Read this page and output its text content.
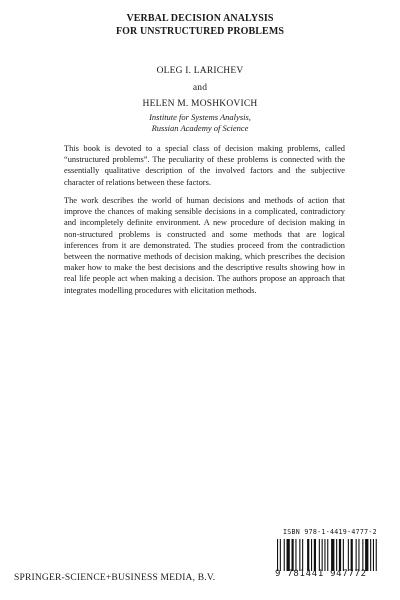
VERBAL DECISION ANALYSIS
FOR UNSTRUCTURED PROBLEMS
OLEG I. LARICHEV
and
HELEN M. MOSHKOVICH
Institute for Systems Analysis,
Russian Academy of Science

This book is devoted to a special class of decision making problems, called “unstructured problems”. The peculiarity of these problems is connected with the essentially qualitative description of the involved factors and the subjective character of relations between these factors.

The work describes the world of human decisions and methods of action that improve the chances of making sensible decisions in a complicated, contradictory and incompletely definite environment. A new procedure of decision making in non-structured problems is constructed and some methods that are logical inferences from it are demonstrated. The studies proceed from the contradiction between the normative methods of decision making, which prescribes the decision maker how to make the best decisions and the descriptive results showing how in real life people act when making a decision. The authors propose an approach that integrates modelling procedures with elicitation methods.

SPRINGER-SCIENCE+BUSINESS MEDIA, B.V.
ISBN 978-1-4419-4777-2
9 781441 947772
